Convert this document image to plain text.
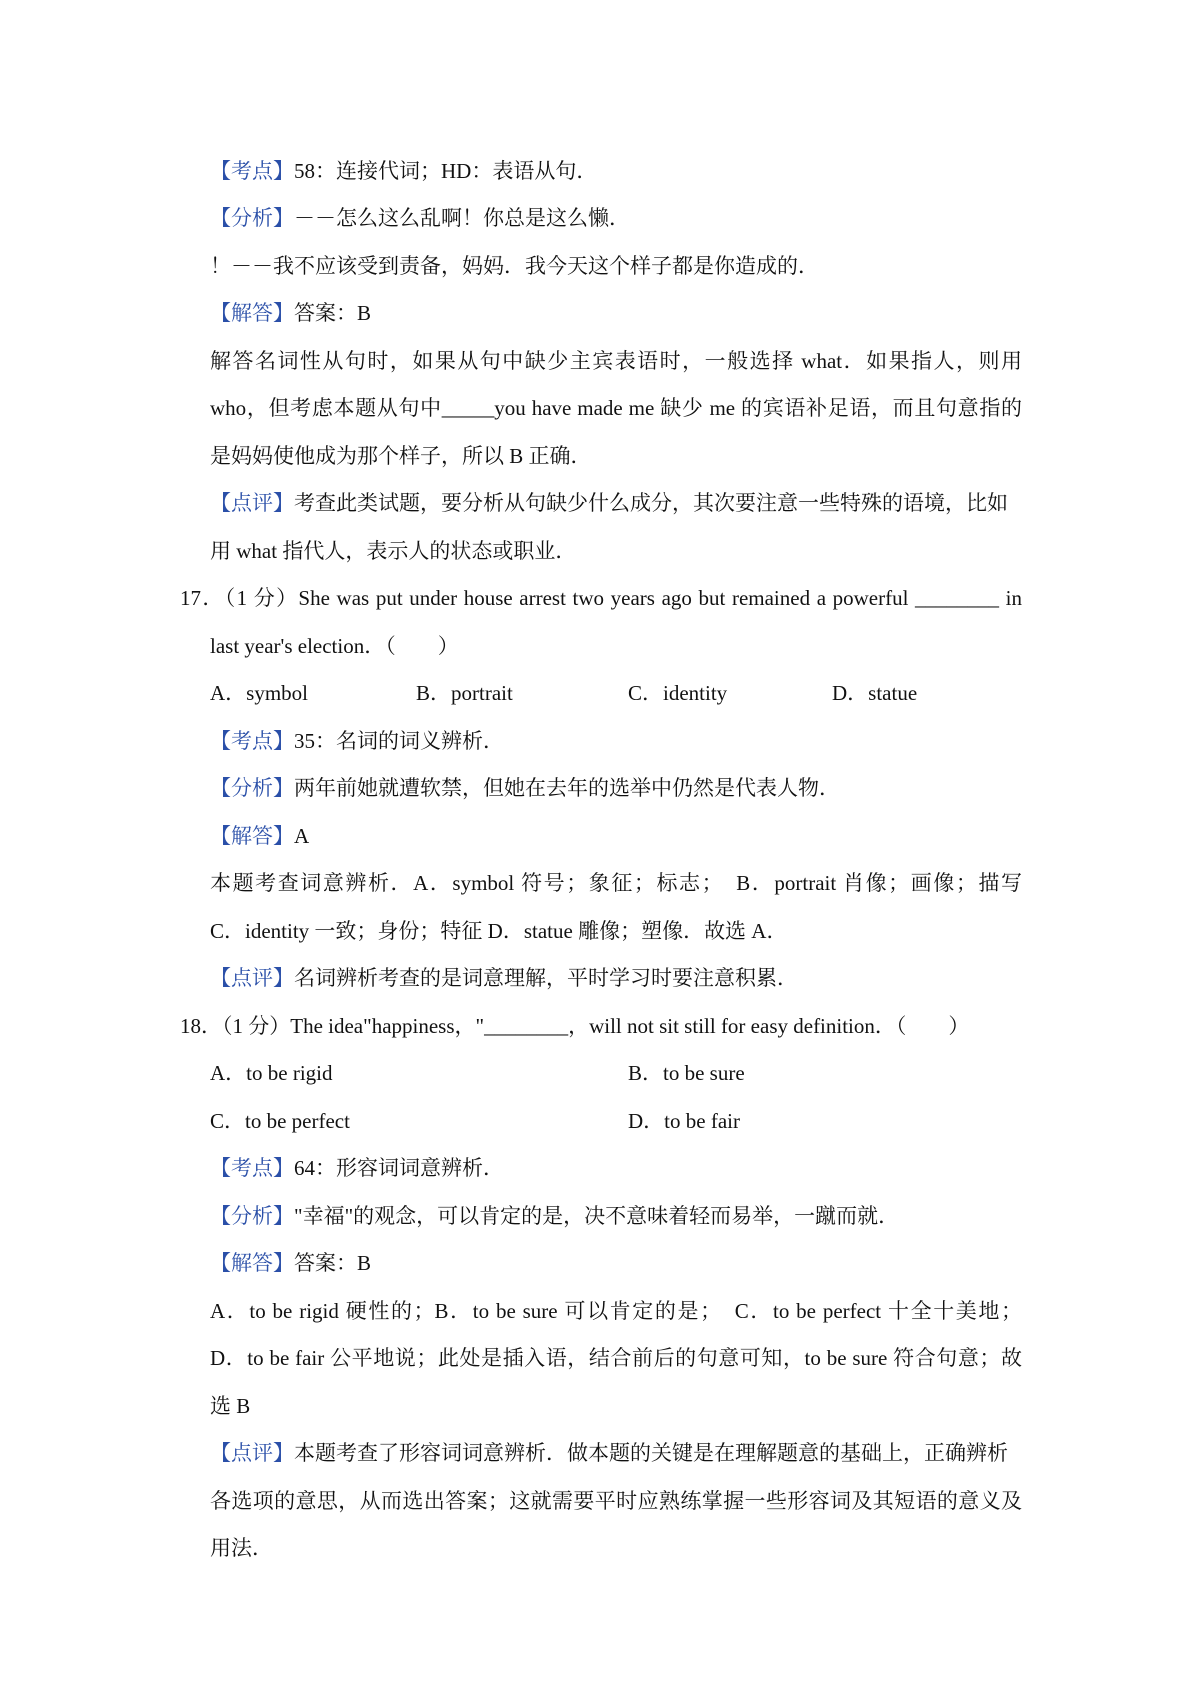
【考点】58：连接代词；HD：表语从句．

【分析】－－怎么这么乱啊！你总是这么懒．

！－－我不应该受到责备，妈妈．我今天这个样子都是你造成的．

【解答】答案：B

解答名词性从句时，如果从句中缺少主宾表语时，一般选择 what．如果指人，则用

who，但考虑本题从句中_____you have made me 缺少 me 的宾语补足语，而且句意指的

是妈妈使他成为那个样子，所以 B 正确．

【点评】考查此类试题，要分析从句缺少什么成分，其次要注意一些特殊的语境，比如

用 what 指代人，表示人的状态或职业．

17．（1 分）She was put under house arrest two years ago but remained a powerful ________ in

last year's election．（　　）

A．symbol	B．portrait	C．identity	D．statue

【考点】35：名词的词义辨析．

【分析】两年前她就遭软禁，但她在去年的选举中仍然是代表人物．

【解答】A

本题考查词意辨析．A．symbol 符号；象征；标志；　B．portrait 肖像；画像；描写

C．identity 一致；身份；特征 D．statue 雕像；塑像．故选 A．

【点评】名词辨析考查的是词意理解，平时学习时要注意积累．

18．（1 分）The idea"happiness，"________，will not sit still for easy definition．（　　）

A．to be rigid	B．to be sure
C．to be perfect	D．to be fair

【考点】64：形容词词意辨析．

【分析】"幸福"的观念，可以肯定的是，决不意味着轻而易举，一蹴而就．

【解答】答案：B

A．to be rigid 硬性的；B．to be sure 可以肯定的是；　C．to be perfect 十全十美地；

D．to be fair 公平地说；此处是插入语，结合前后的句意可知，to be sure 符合句意；故

选 B

【点评】本题考查了形容词词意辨析．做本题的关键是在理解题意的基础上，正确辨析

各选项的意思，从而选出答案；这就需要平时应熟练掌握一些形容词及其短语的意义及

用法．
